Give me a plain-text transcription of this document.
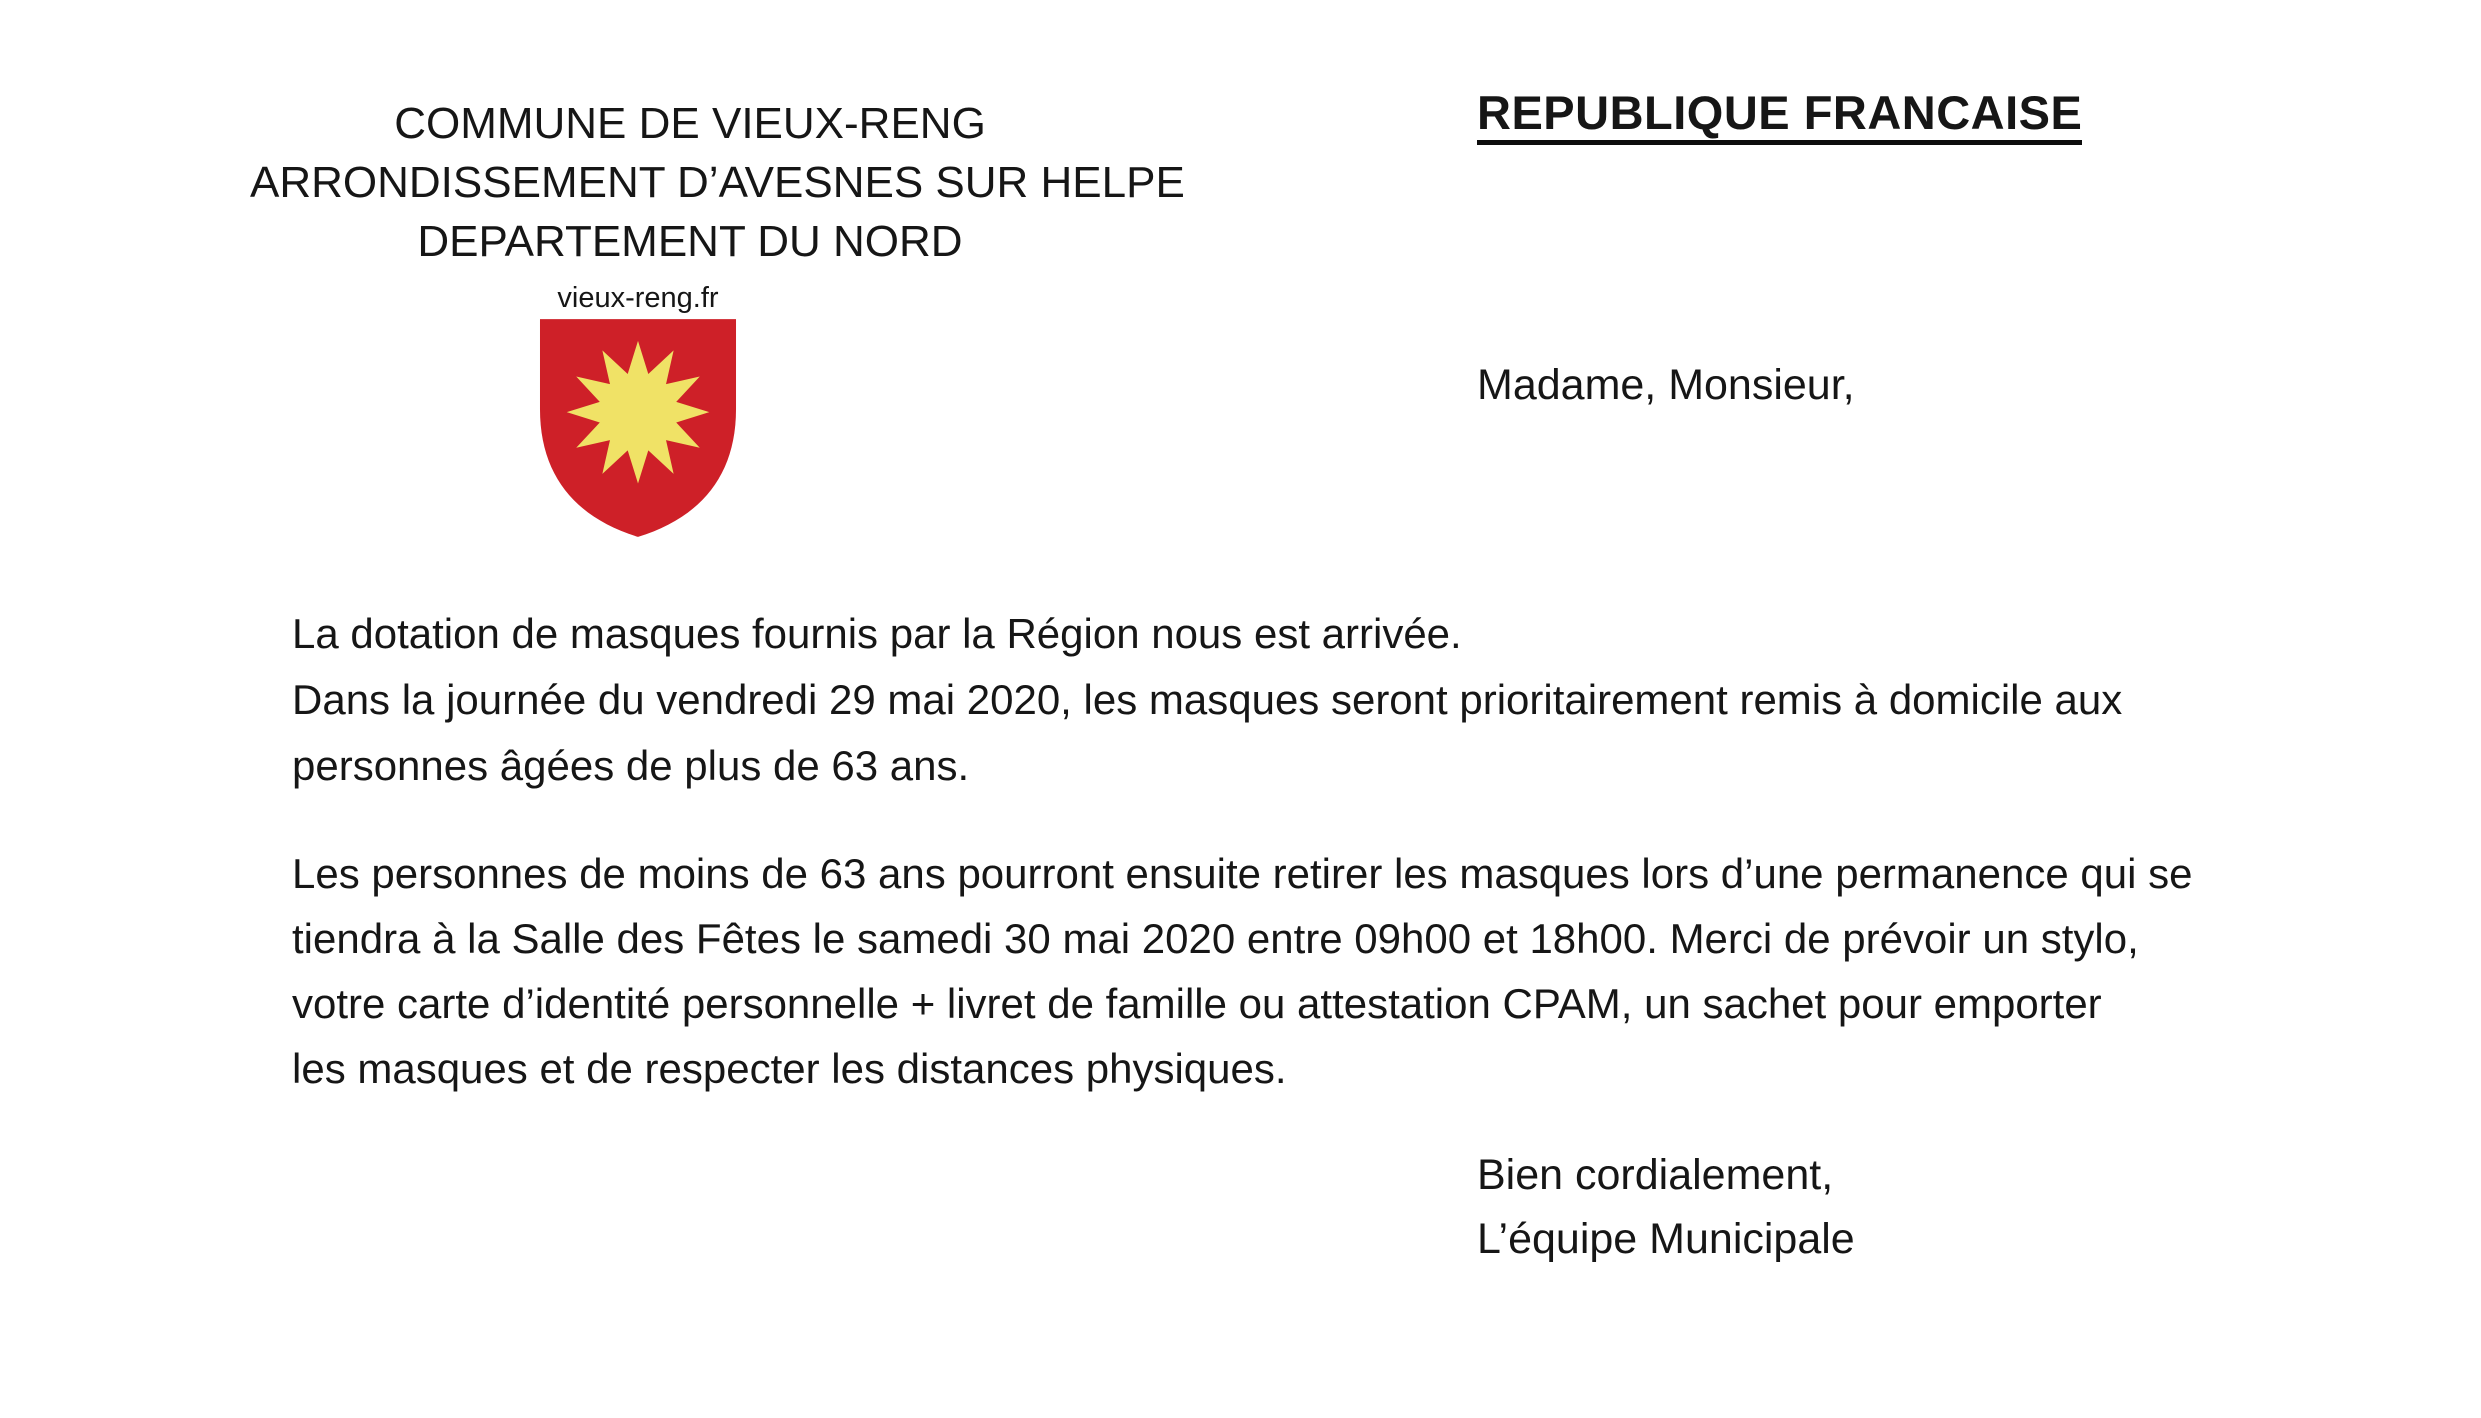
COMMUNE DE VIEUX-RENG
ARRONDISSEMENT D’AVESNES SUR HELPE
DEPARTEMENT DU NORD
vieux-reng.fr
REPUBLIQUE FRANCAISE
Madame, Monsieur,
La dotation de masques fournis par la Région nous est arrivée.
Dans la journée du vendredi 29 mai 2020, les masques seront prioritairement remis à domicile aux
personnes âgées de plus de 63 ans.
Les personnes de moins de 63 ans pourront ensuite retirer les masques lors d’une permanence qui se
tiendra à la Salle des Fêtes le samedi 30 mai 2020 entre 09h00 et 18h00. Merci de prévoir un stylo,
votre carte d’identité personnelle + livret de famille ou attestation CPAM, un sachet pour emporter
les masques et de respecter les distances physiques.
Bien cordialement,
L’équipe Municipale
